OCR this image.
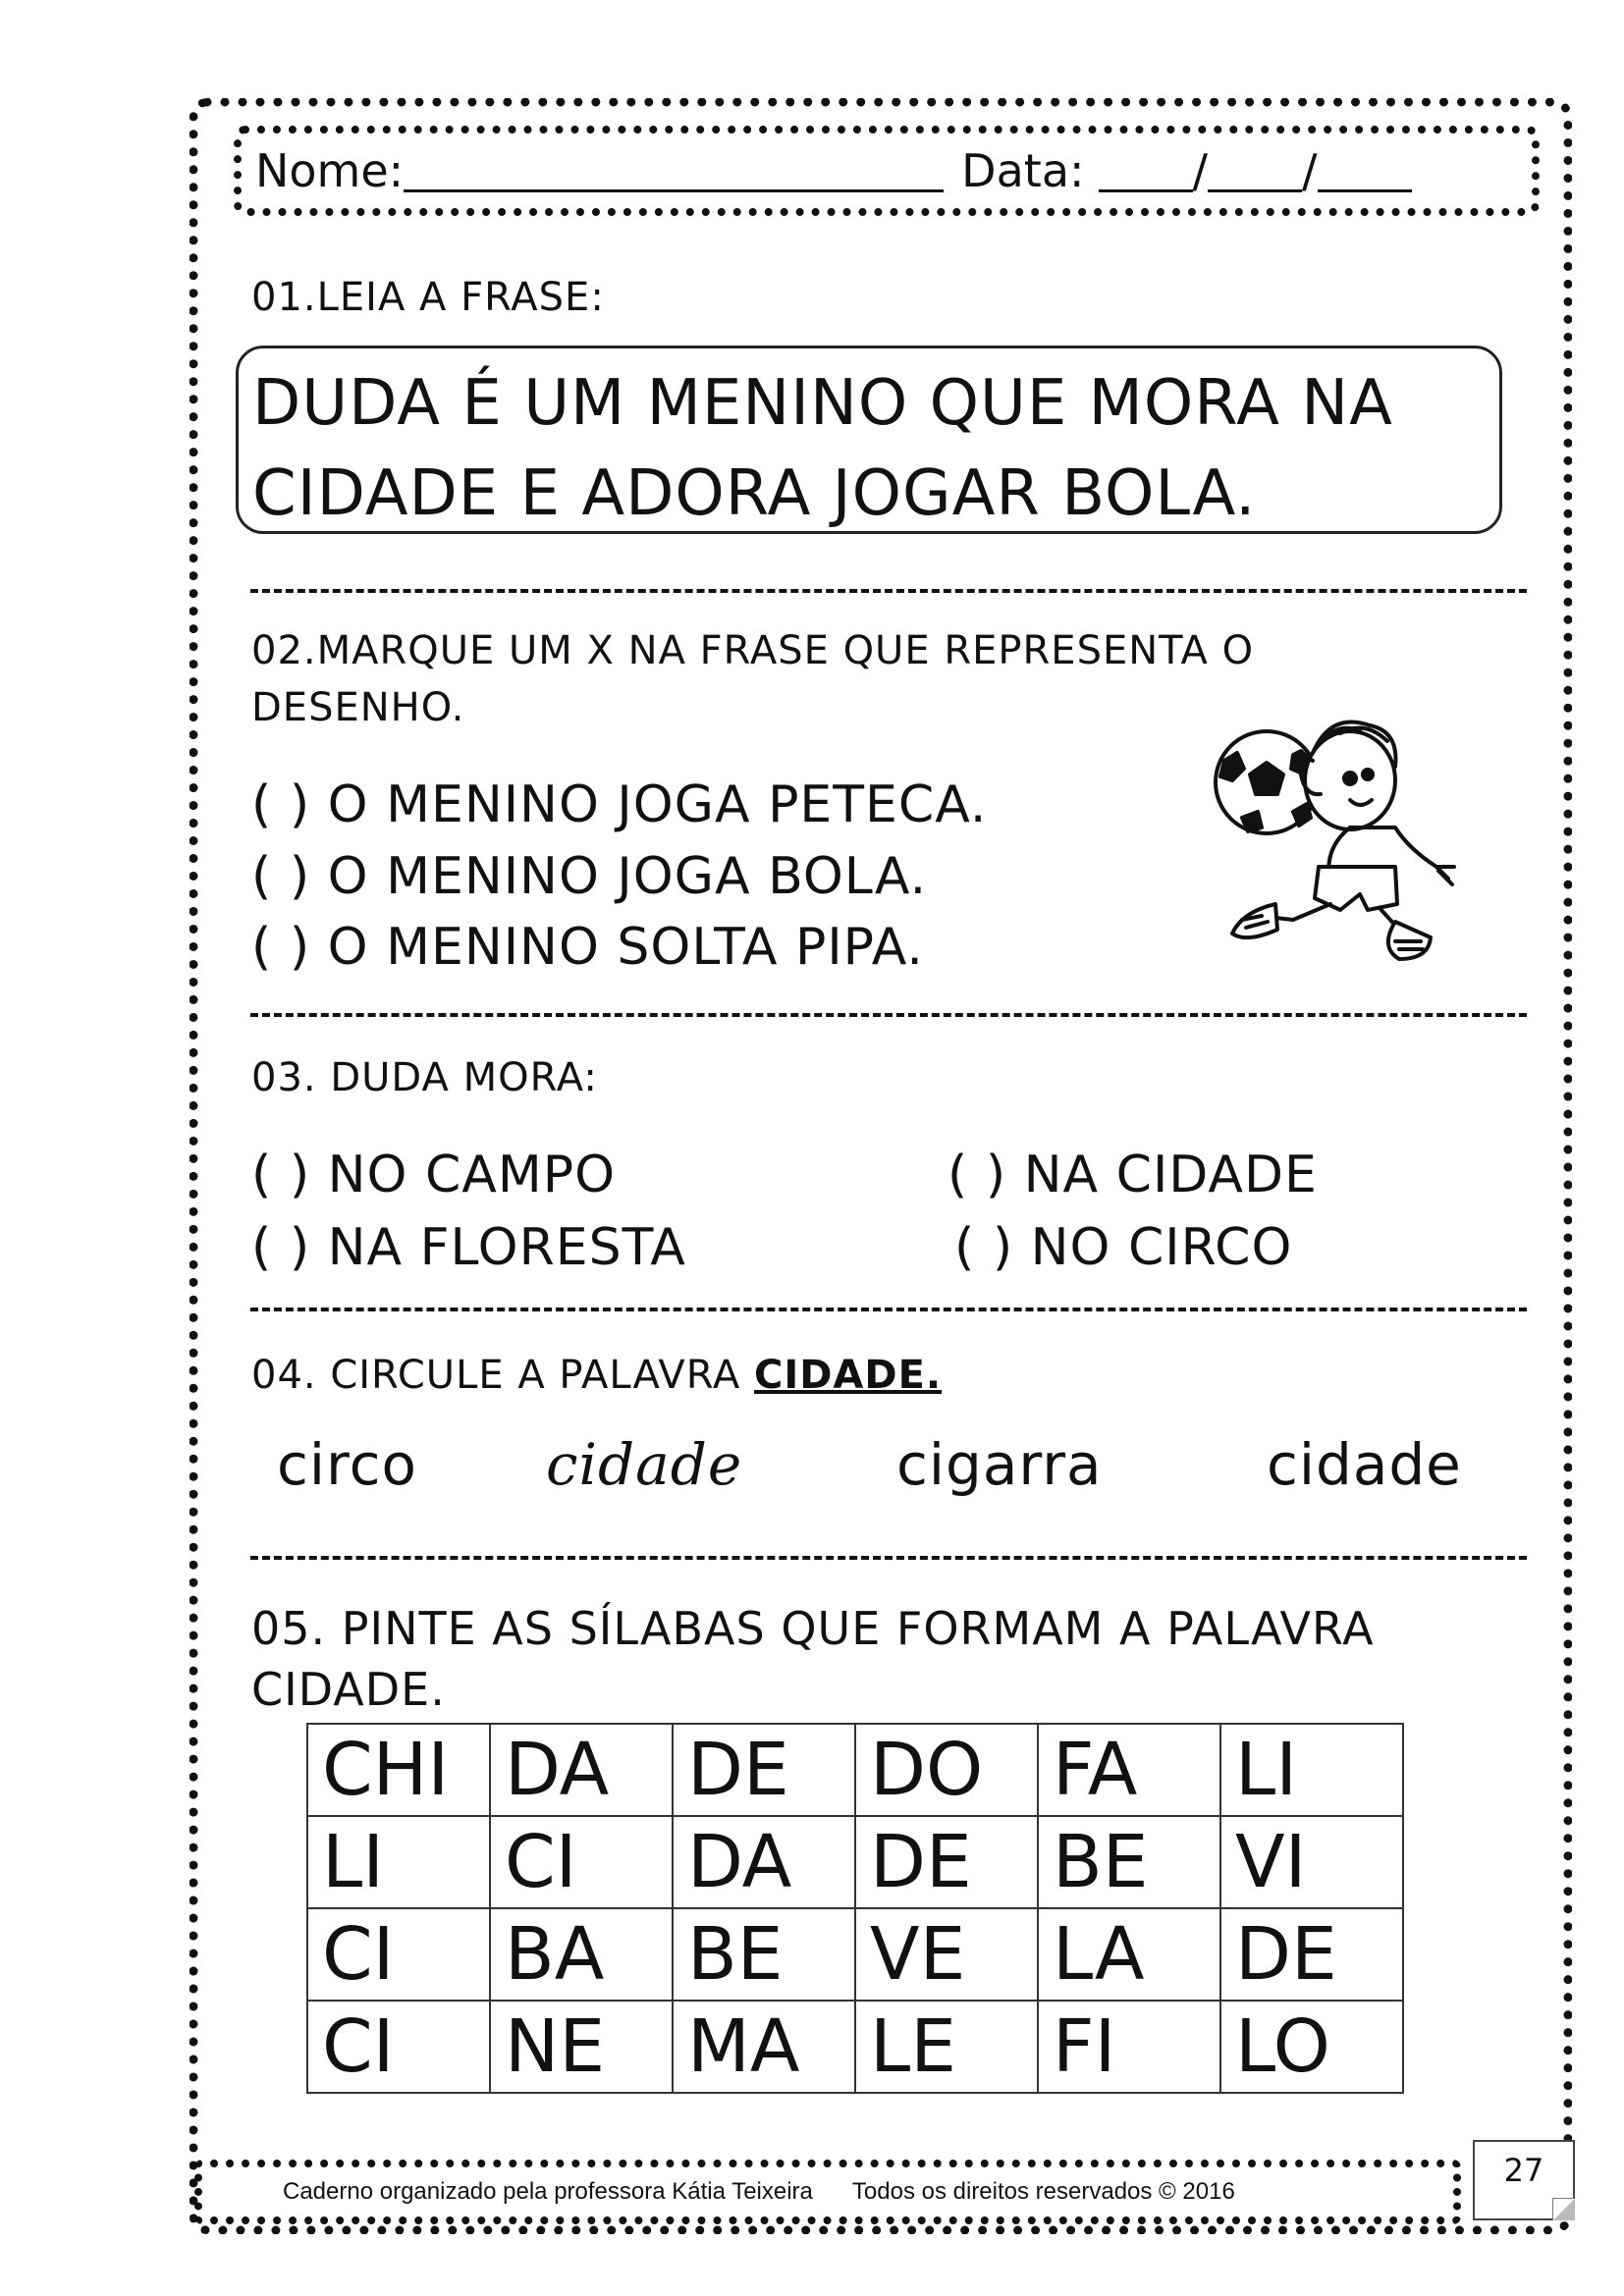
Nome:	Data: / /
01.LEIA A FRASE:
DUDA É UM MENINO QUE MORA NA
CIDADE E ADORA JOGAR BOLA.
02.MARQUE UM X NA FRASE QUE REPRESENTA O
DESENHO.
( ) O MENINO JOGA PETECA.
( ) O MENINO JOGA BOLA.
( ) O MENINO SOLTA PIPA.
03. DUDA MORA:
( ) NO CAMPO	( ) NA CIDADE
( ) NA FLORESTA	( ) NO CIRCO
04. CIRCULE A PALAVRA CIDADE.
circo cidade	cigarra	cidade
05. PINTE AS SÍLABAS QUE FORMAM A PALAVRA
CIDADE.
CHI	DA	DE	DO	FA	LI
LI	CI	DA	DE	BE	VI
CI	BA	BE	VE	LA	DE
CI	NE	MA	LE	FI	LO
Caderno organizado pela professora Kátia Teixeira Todos os direitos reservados © 2016
27
